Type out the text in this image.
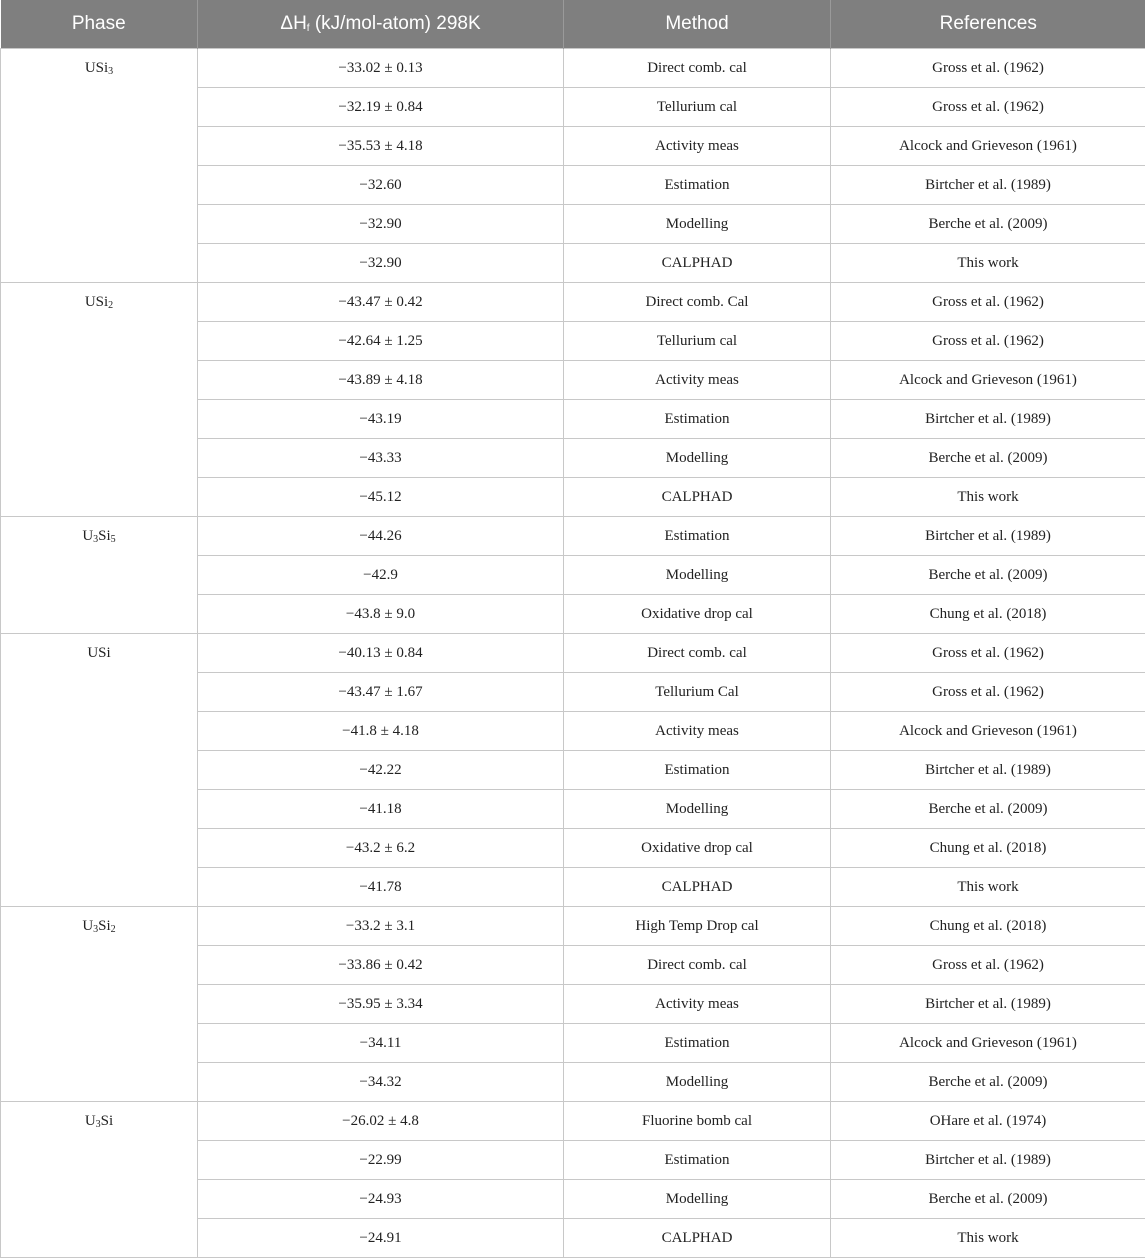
Phase	$\Delta H_f$ (kJ/mol-atom) 298K	Method	References
USi$_3$	−33.02 ± 0.13	Direct comb. cal	Gross et al. (1962)
	−32.19 ± 0.84	Tellurium cal	Gross et al. (1962)
	−35.53 ± 4.18	Activity meas	Alcock and Grieveson (1961)
	−32.60	Estimation	Birtcher et al. (1989)
	−32.90	Modelling	Berche et al. (2009)
	−32.90	CALPHAD	This work
USi$_2$	−43.47 ± 0.42	Direct comb. Cal	Gross et al. (1962)
	−42.64 ± 1.25	Tellurium cal	Gross et al. (1962)
	−43.89 ± 4.18	Activity meas	Alcock and Grieveson (1961)
	−43.19	Estimation	Birtcher et al. (1989)
	−43.33	Modelling	Berche et al. (2009)
	−45.12	CALPHAD	This work
$U_3Si_5$	−44.26	Estimation	Birtcher et al. (1989)
	−42.9	Modelling	Berche et al. (2009)
	−43.8 ± 9.0	Oxidative drop cal	Chung et al. (2018)
USi	−40.13 ± 0.84	Direct comb. cal	Gross et al. (1962)
	−43.47 ± 1.67	Tellurium Cal	Gross et al. (1962)
	−41.8 ± 4.18	Activity meas	Alcock and Grieveson (1961)
	−42.22	Estimation	Birtcher et al. (1989)
	−41.18	Modelling	Berche et al. (2009)
	−43.2 ± 6.2	Oxidative drop cal	Chung et al. (2018)
	−41.78	CALPHAD	This work
$U_3Si_2$	−33.2 ± 3.1	High Temp Drop cal	Chung et al. (2018)
	−33.86 ± 0.42	Direct comb. cal	Gross et al. (1962)
	−35.95 ± 3.34	Activity meas	Birtcher et al. (1989)
	−34.11	Estimation	Alcock and Grieveson (1961)
	−34.32	Modelling	Berche et al. (2009)
$U_3Si$	−26.02 ± 4.8	Fluorine bomb cal	OHare et al. (1974)
	−22.99	Estimation	Birtcher et al. (1989)
	−24.93	Modelling	Berche et al. (2009)
	−24.91	CALPHAD	This work
